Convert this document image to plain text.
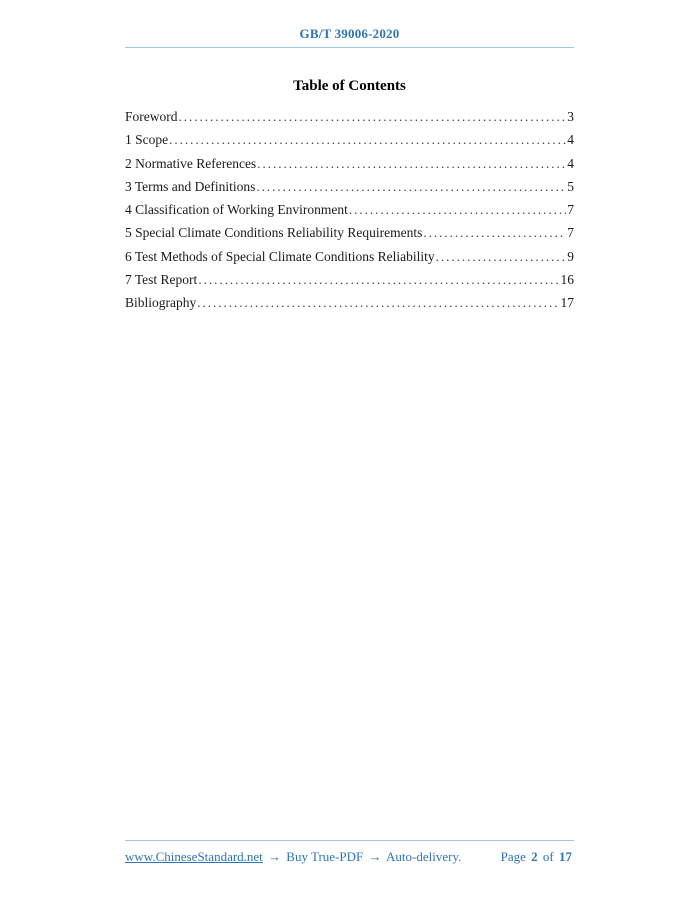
GB/T 39006-2020
Table of Contents
Foreword .....	3
1 Scope .....	4
2 Normative References .....	4
3 Terms and Definitions .....	5
4 Classification of Working Environment .....	7
5 Special Climate Conditions Reliability Requirements .....	7
6 Test Methods of Special Climate Conditions Reliability .....	9
7 Test Report .....	16
Bibliography .....	17
www.ChineseStandard.net → Buy True-PDF → Auto-delivery.	Page 2 of 17
